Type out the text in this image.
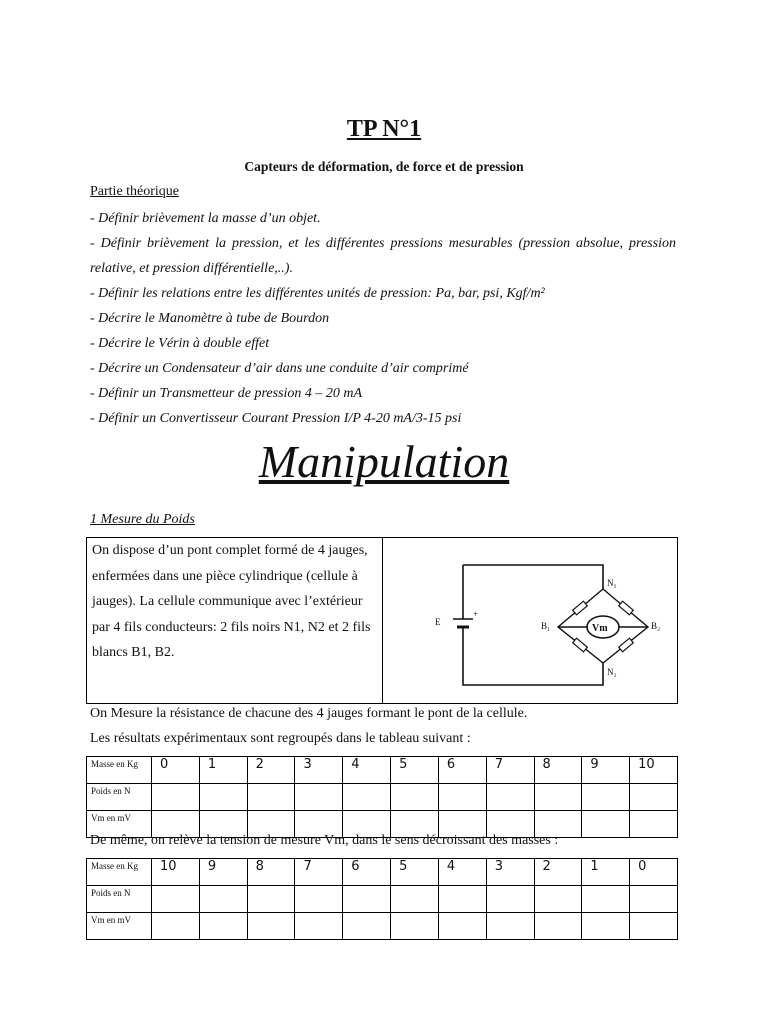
TP N°1
Capteurs de déformation, de force et de pression
Partie théorique
- Définir brièvement la masse d’un objet.
- Définir brièvement la pression, et les différentes pressions mesurables (pression absolue, pression relative, et pression différentielle,..).
- Définir les relations entre les différentes unités de pression: Pa, bar, psi, Kgf/m²
- Décrire le Manomètre à tube de Bourdon
- Décrire le Vérin à double effet
- Décrire un Condensateur d’air dans une conduite d’air comprimé
- Définir un Transmetteur de pression 4 – 20 mA
- Définir un Convertisseur Courant Pression I/P 4-20 mA/3-15 psi
Manipulation
1 Mesure du Poids
On dispose d’un pont complet formé de 4 jauges, enfermées dans une pièce cylindrique (cellule à jauges). La cellule communique avec l’extérieur par 4 fils conducteurs: 2 fils noirs N1, N2 et 2 fils blancs B1, B2.
E
+
Vm
N₁
N₂
B₁	B₂
On Mesure la résistance de chacune des 4 jauges formant le pont de la cellule.
Les résultats expérimentaux sont regroupés dans le tableau suivant :
Masse en Kg	0	1	2	3	4	5	6	7	8	9	10
Poids en N											
Vm en mV											
De même, on relève la tension de mesure Vm, dans le sens décroissant des masses :
Masse en Kg	10	9	8	7	6	5	4	3	2	1	0
Poids en N											
Vm en mV											
